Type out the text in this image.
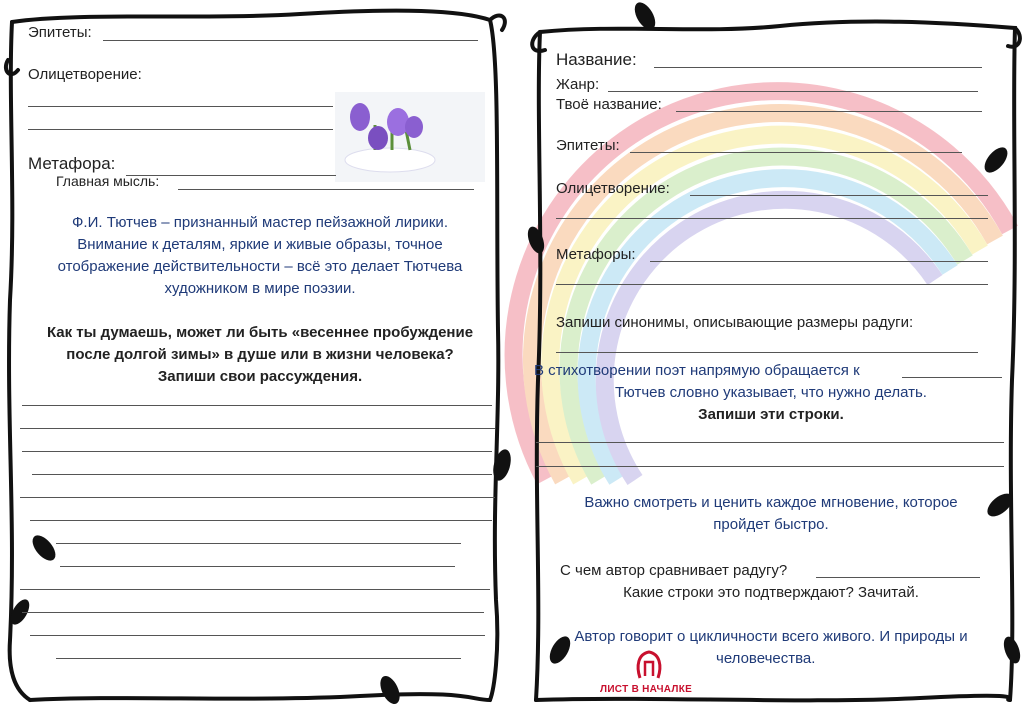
Эпитеты:
Олицетворение:
Метафора:
Главная мысль:
Ф.И. Тютчев – признанный мастер пейзажной лирики.
Внимание к деталям, яркие и живые образы, точное
отображение действительности – всё это делает Тютчева
художником в мире поэзии.
Как ты думаешь, может ли быть «весеннее пробуждение
после долгой зимы» в душе или в жизни человека?
Запиши свои рассуждения.
Название:
Жанр:
Твоё название:
Эпитеты:
Олицетворение:
Метафоры:
Запиши синонимы, описывающие размеры радуги:
В стихотворении поэт напрямую обращается к
Тютчев словно указывает, что нужно делать.
Запиши эти строки.
Важно смотреть и ценить каждое мгновение, которое
пройдет быстро.
С чем автор сравнивает радугу?
Какие строки это подтверждают? Зачитай.
Автор говорит о цикличности всего живого. И природы и
человечества.
ЛИСТ В НАЧАЛКЕ
